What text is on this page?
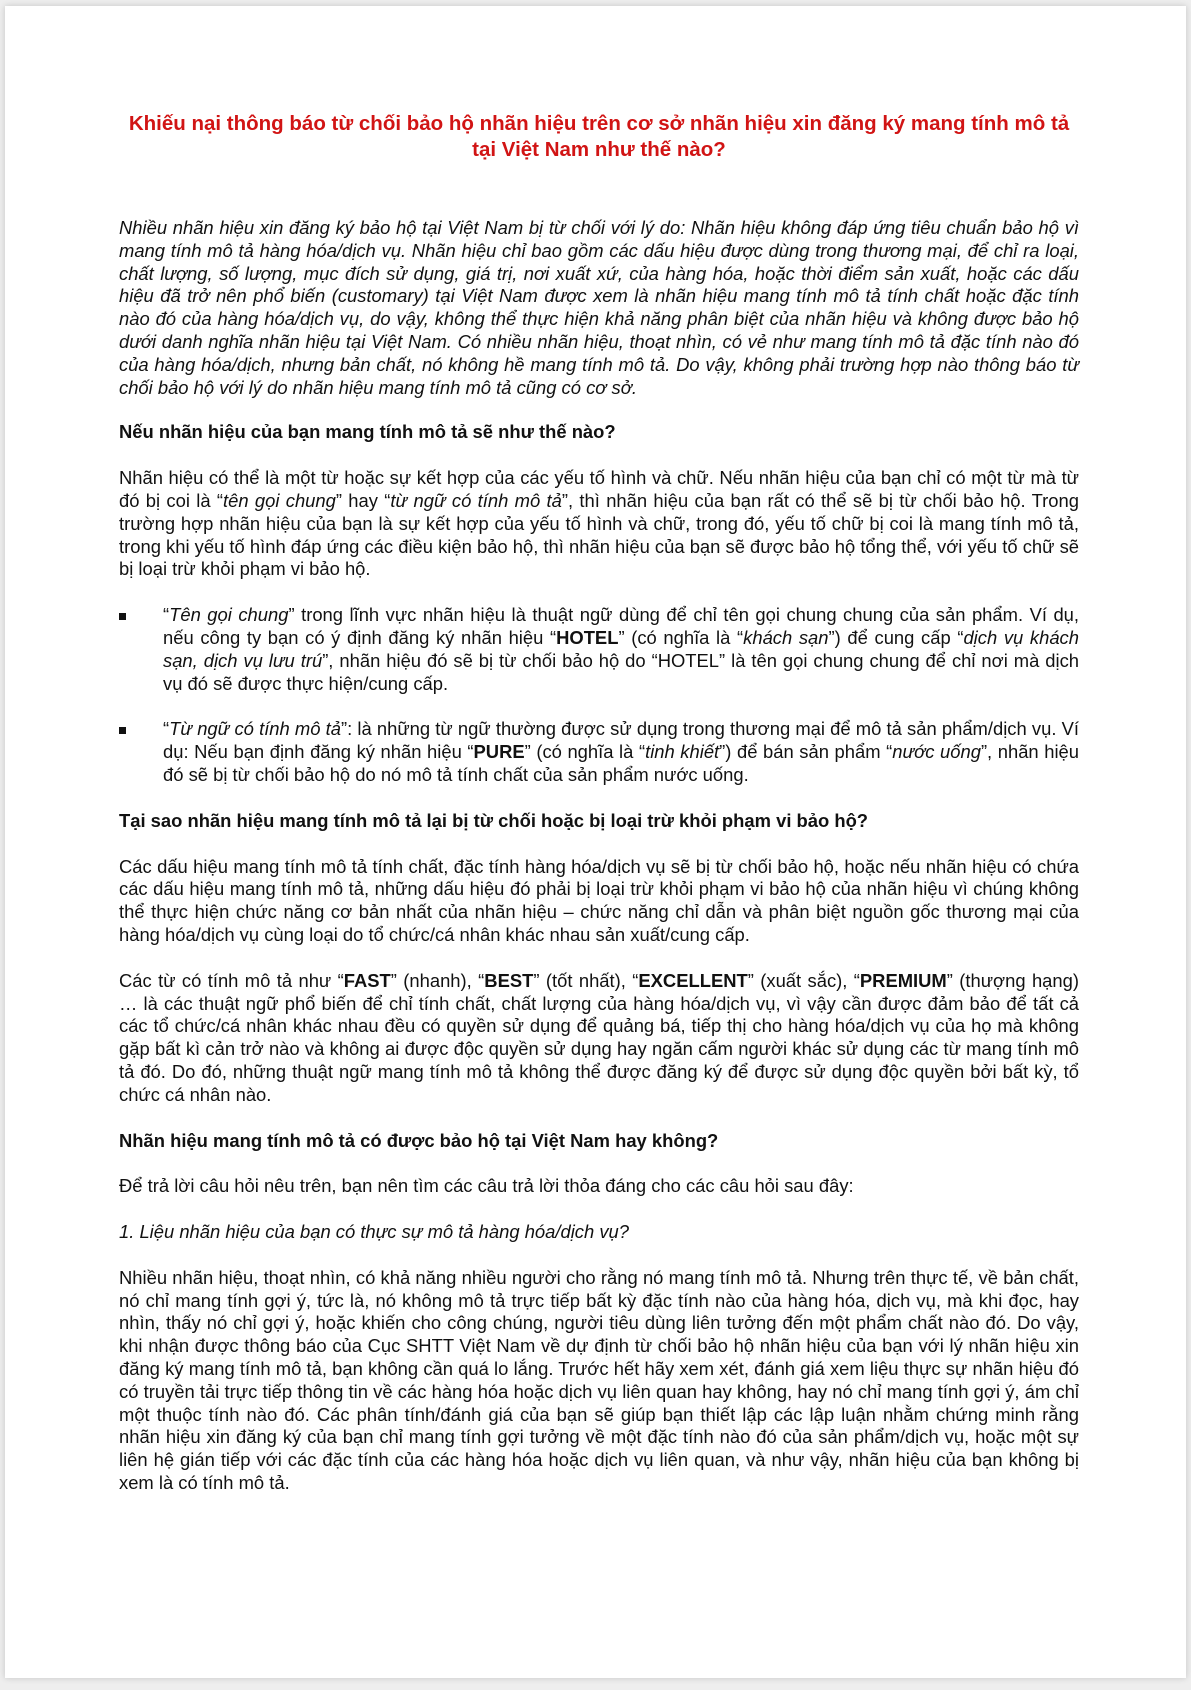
Khiếu nại thông báo từ chối bảo hộ nhãn hiệu trên cơ sở nhãn hiệu xin đăng ký mang tính mô tả tại Việt Nam như thế nào?

Nhiều nhãn hiệu xin đăng ký bảo hộ tại Việt Nam bị từ chối với lý do: Nhãn hiệu không đáp ứng tiêu chuẩn bảo hộ vì mang tính mô tả hàng hóa/dịch vụ. Nhãn hiệu chỉ bao gồm các dấu hiệu được dùng trong thương mại, để chỉ ra loại, chất lượng, số lượng, mục đích sử dụng, giá trị, nơi xuất xứ, của hàng hóa, hoặc thời điểm sản xuất, hoặc các dấu hiệu đã trở nên phổ biến (customary) tại Việt Nam được xem là nhãn hiệu mang tính mô tả tính chất hoặc đặc tính nào đó của hàng hóa/dịch vụ, do vậy, không thể thực hiện khả năng phân biệt của nhãn hiệu và không được bảo hộ dưới danh nghĩa nhãn hiệu tại Việt Nam. Có nhiều nhãn hiệu, thoạt nhìn, có vẻ như mang tính mô tả đặc tính nào đó của hàng hóa/dịch, nhưng bản chất, nó không hề mang tính mô tả. Do vậy, không phải trường hợp nào thông báo từ chối bảo hộ với lý do nhãn hiệu mang tính mô tả cũng có cơ sở.

Nếu nhãn hiệu của bạn mang tính mô tả sẽ như thế nào?

Nhãn hiệu có thể là một từ hoặc sự kết hợp của các yếu tố hình và chữ. Nếu nhãn hiệu của bạn chỉ có một từ mà từ đó bị coi là “tên gọi chung” hay “từ ngữ có tính mô tả”, thì nhãn hiệu của bạn rất có thể sẽ bị từ chối bảo hộ. Trong trường hợp nhãn hiệu của bạn là sự kết hợp của yếu tố hình và chữ, trong đó, yếu tố chữ bị coi là mang tính mô tả, trong khi yếu tố hình đáp ứng các điều kiện bảo hộ, thì nhãn hiệu của bạn sẽ được bảo hộ tổng thể, với yếu tố chữ sẽ bị loại trừ khỏi phạm vi bảo hộ.

“Tên gọi chung” trong lĩnh vực nhãn hiệu là thuật ngữ dùng để chỉ tên gọi chung chung của sản phẩm. Ví dụ, nếu công ty bạn có ý định đăng ký nhãn hiệu “HOTEL” (có nghĩa là “khách sạn”) để cung cấp “dịch vụ khách sạn, dịch vụ lưu trú”, nhãn hiệu đó sẽ bị từ chối bảo hộ do “HOTEL” là tên gọi chung chung để chỉ nơi mà dịch vụ đó sẽ được thực hiện/cung cấp.
“Từ ngữ có tính mô tả”: là những từ ngữ thường được sử dụng trong thương mại để mô tả sản phẩm/dịch vụ. Ví dụ: Nếu bạn định đăng ký nhãn hiệu “PURE” (có nghĩa là “tinh khiết”) để bán sản phẩm “nước uống”, nhãn hiệu đó sẽ bị từ chối bảo hộ do nó mô tả tính chất của sản phẩm nước uống.

Tại sao nhãn hiệu mang tính mô tả lại bị từ chối hoặc bị loại trừ khỏi phạm vi bảo hộ?

Các dấu hiệu mang tính mô tả tính chất, đặc tính hàng hóa/dịch vụ sẽ bị từ chối bảo hộ, hoặc nếu nhãn hiệu có chứa các dấu hiệu mang tính mô tả, những dấu hiệu đó phải bị loại trừ khỏi phạm vi bảo hộ của nhãn hiệu vì chúng không thể thực hiện chức năng cơ bản nhất của nhãn hiệu – chức năng chỉ dẫn và phân biệt nguồn gốc thương mại của hàng hóa/dịch vụ cùng loại do tổ chức/cá nhân khác nhau sản xuất/cung cấp.

Các từ có tính mô tả như “FAST” (nhanh), “BEST” (tốt nhất), “EXCELLENT” (xuất sắc), “PREMIUM” (thượng hạng) … là các thuật ngữ phổ biến để chỉ tính chất, chất lượng của hàng hóa/dịch vụ, vì vậy cần được đảm bảo để tất cả các tổ chức/cá nhân khác nhau đều có quyền sử dụng để quảng bá, tiếp thị cho hàng hóa/dịch vụ của họ mà không gặp bất kì cản trở nào và không ai được độc quyền sử dụng hay ngăn cấm người khác sử dụng các từ mang tính mô tả đó. Do đó, những thuật ngữ mang tính mô tả không thể được đăng ký để được sử dụng độc quyền bởi bất kỳ, tổ chức cá nhân nào.

Nhãn hiệu mang tính mô tả có được bảo hộ tại Việt Nam hay không?

Để trả lời câu hỏi nêu trên, bạn nên tìm các câu trả lời thỏa đáng cho các câu hỏi sau đây:

1. Liệu nhãn hiệu của bạn có thực sự mô tả hàng hóa/dịch vụ?

Nhiều nhãn hiệu, thoạt nhìn, có khả năng nhiều người cho rằng nó mang tính mô tả. Nhưng trên thực tế, về bản chất, nó chỉ mang tính gợi ý, tức là, nó không mô tả trực tiếp bất kỳ đặc tính nào của hàng hóa, dịch vụ, mà khi đọc, hay nhìn, thấy nó chỉ gợi ý, hoặc khiến cho công chúng, người tiêu dùng liên tưởng đến một phẩm chất nào đó. Do vậy, khi nhận được thông báo của Cục SHTT Việt Nam về dự định từ chối bảo hộ nhãn hiệu của bạn với lý nhãn hiệu xin đăng ký mang tính mô tả, bạn không cần quá lo lắng. Trước hết hãy xem xét, đánh giá xem liệu thực sự nhãn hiệu đó có truyền tải trực tiếp thông tin về các hàng hóa hoặc dịch vụ liên quan hay không, hay nó chỉ mang tính gợi ý, ám chỉ một thuộc tính nào đó. Các phân tính/đánh giá của bạn sẽ giúp bạn thiết lập các lập luận nhằm chứng minh rằng nhãn hiệu xin đăng ký của bạn chỉ mang tính gợi tưởng về một đặc tính nào đó của sản phẩm/dịch vụ, hoặc một sự liên hệ gián tiếp với các đặc tính của các hàng hóa hoặc dịch vụ liên quan, và như vậy, nhãn hiệu của bạn không bị xem là có tính mô tả.
